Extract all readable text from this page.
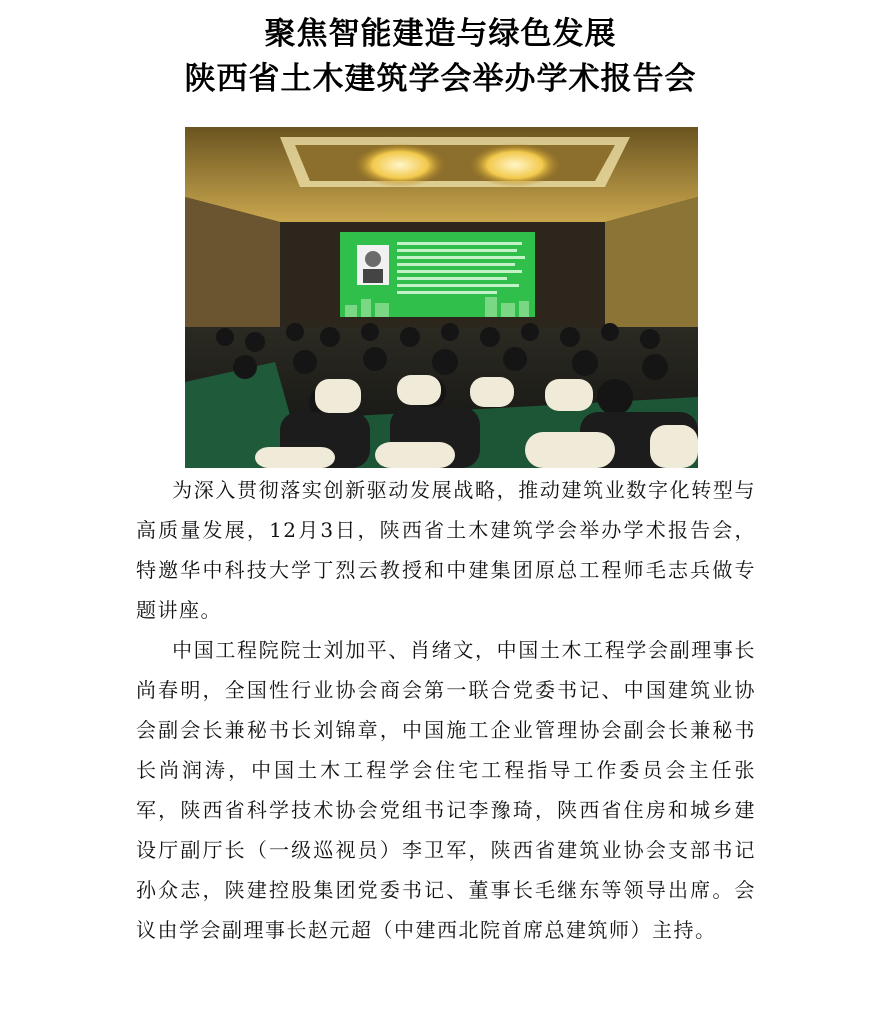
聚焦智能建造与绿色发展
陕西省土木建筑学会举办学术报告会

为深入贯彻落实创新驱动发展战略，推动建筑业数字化转型与高质量发展，12月3日，陕西省土木建筑学会举办学术报告会，特邀华中科技大学丁烈云教授和中建集团原总工程师毛志兵做专题讲座。

中国工程院院士刘加平、肖绪文，中国土木工程学会副理事长尚春明，全国性行业协会商会第一联合党委书记、中国建筑业协会副会长兼秘书长刘锦章，中国施工企业管理协会副会长兼秘书长尚润涛，中国土木工程学会住宅工程指导工作委员会主任张军，陕西省科学技术协会党组书记李豫琦，陕西省住房和城乡建设厅副厅长（一级巡视员）李卫军，陕西省建筑业协会支部书记孙众志，陕建控股集团党委书记、董事长毛继东等领导出席。会议由学会副理事长赵元超（中建西北院首席总建筑师）主持。
